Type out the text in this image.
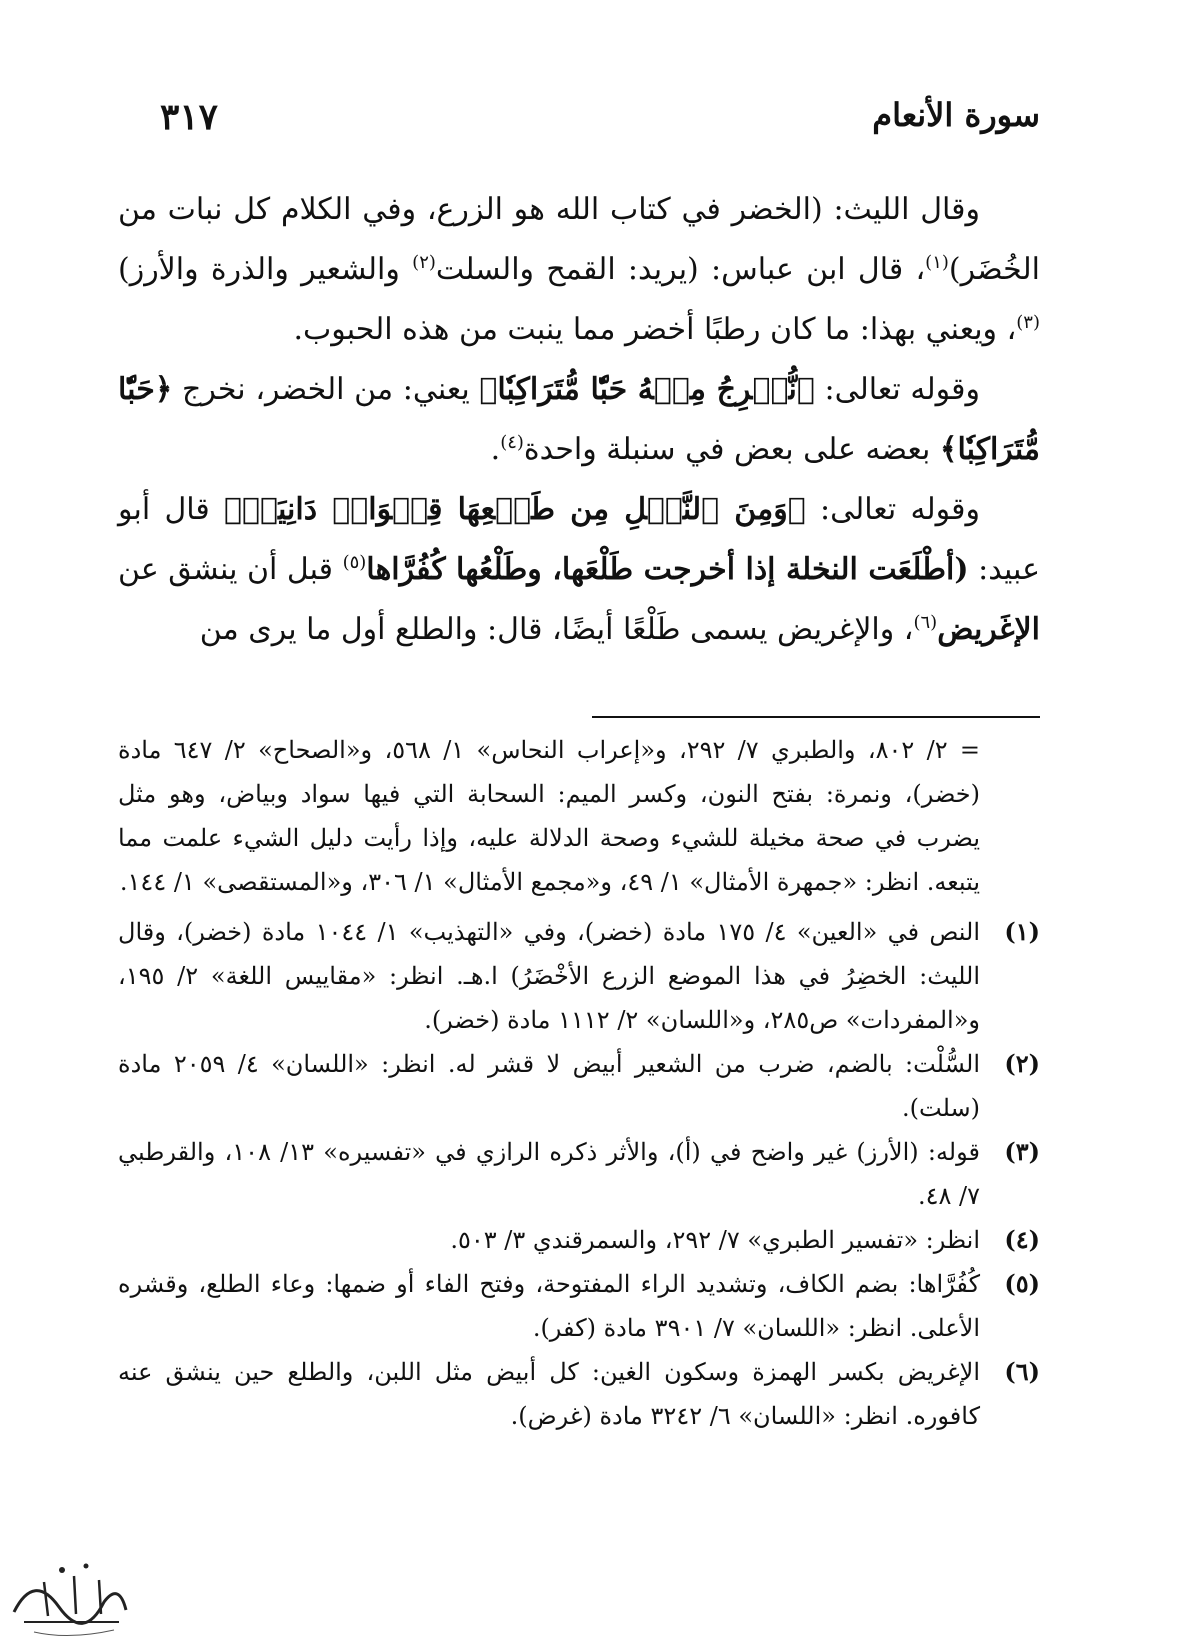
٣١٧	سورة الأنعام

وقال الليث: (الخضر في كتاب الله هو الزرع، وفي الكلام كل نبات من الخُضَر)$^{(١)}$، قال ابن عباس: (يريد: القمح والسلت$^{(٢)}$ والشعير والذرة والأرز)$^{(٣)}$، ويعني بهذا: ما كان رطبًا أخضر مما ينبت من هذه الحبوب.

وقوله تعالى: ﴿نُّخۡرِجُ مِنۡهُ حَبّٗا مُّتَرَاكِبٗا﴾ يعني: من الخضر، نخرج ﴿حَبّٗا مُّتَرَاكِبٗا﴾ بعضه على بعض في سنبلة واحدة$^{(٤)}$.

وقوله تعالى: ﴿وَمِنَ ٱلنَّخۡلِ مِن طَلۡعِهَا قِنۡوَانٞ دَانِيَةٞ﴾ قال أبو عبيد: (أطْلَعَت النخلة إذا أخرجت طَلْعَها، وطَلْعُها كُفُرَّاها$^{(٥)}$ قبل أن ينشق عن الإغَريض$^{(٦)}$، والإغريض يسمى طَلْعًا أيضًا، قال: والطلع أول ما يرى من

= ٢/ ٨٠٢، والطبري ٧/ ٢٩٢، و«إعراب النحاس» ١/ ٥٦٨، و«الصحاح» ٢/ ٦٤٧ مادة (خضر)، ونمرة: بفتح النون، وكسر الميم: السحابة التي فيها سواد وبياض، وهو مثل يضرب في صحة مخيلة للشيء وصحة الدلالة عليه، وإذا رأيت دليل الشيء علمت مما يتبعه. انظر: «جمهرة الأمثال» ١/ ٤٩، و«مجمع الأمثال» ١/ ٣٠٦، و«المستقصى» ١/ ١٤٤.

(١)
النص في «العين» ٤/ ١٧٥ مادة (خضر)، وفي «التهذيب» ١/ ١٠٤٤ مادة (خضر)، وقال الليث: الخضِرُ في هذا الموضع الزرع الأخْضَرُ) ا.هـ. انظر: «مقاييس اللغة» ٢/ ١٩٥، و«المفردات» ص٢٨٥، و«اللسان» ٢/ ١١١٢ مادة (خضر).
(٢)
السُّلْت: بالضم، ضرب من الشعير أبيض لا قشر له. انظر: «اللسان» ٤/ ٢٠٥٩ مادة (سلت).
(٣)
قوله: (الأرز) غير واضح في (أ)، والأثر ذكره الرازي في «تفسيره» ١٣/ ١٠٨، والقرطبي ٧/ ٤٨.
(٤)
انظر: «تفسير الطبري» ٧/ ٢٩٢، والسمرقندي ٣/ ٥٠٣.
(٥)
كُفُرَّاها: بضم الكاف، وتشديد الراء المفتوحة، وفتح الفاء أو ضمها: وعاء الطلع، وقشره الأعلى. انظر: «اللسان» ٧/ ٣٩٠١ مادة (كفر).
(٦)
الإغريض بكسر الهمزة وسكون الغين: كل أبيض مثل اللبن، والطلع حين ينشق عنه كافوره. انظر: «اللسان» ٦/ ٣٢٤٢ مادة (غرض).
